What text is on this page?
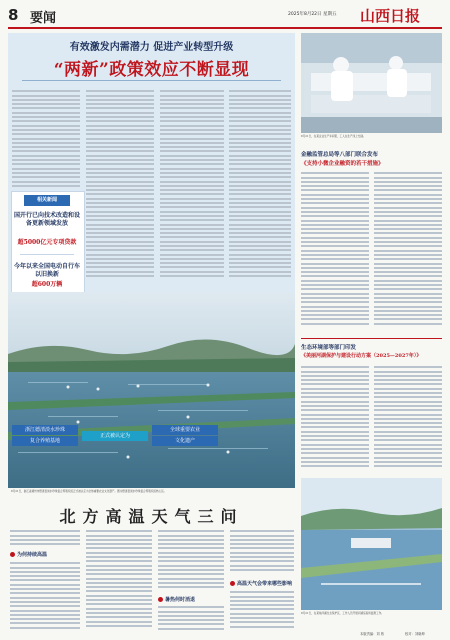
8 要闻	2025年8月22日 星期五 山西日报
有效激发内需潜力 促进产业转型升级
“两新”政策效应不断显现
相关新闻
国开行已向技术改造和设备更新领域发放
超5000亿元专项贷款
今年以来全国电动自行车以旧换新
超600万辆
浙江德清淡水珍珠
复合养殖基地
正式被认定为
全球重要农业
文化遗产
8月21日，浙江省湖州市德清县淡水珍珠复合养殖系统正式被认定为全球重要农业文化遗产。图为德清县淡水珍珠复合养殖系统核心区。
北方高温天气三问
为何持续高温
暑热何时消退
高温天气会带来哪些影响
8月21日，在某企业生产车间里，工人在生产线上忙碌。
金融监管总局等八部门联合发布
《支持小微企业融资的若干措施》
生态环境部等部门印发
《美丽河湖保护与建设行动方案（2025—2027年）》
8月21日，在某地河湖生态保护区，工作人员开展河湖巡查和监测工作。
本版责编：刘 栋	校对：刘晓坤
